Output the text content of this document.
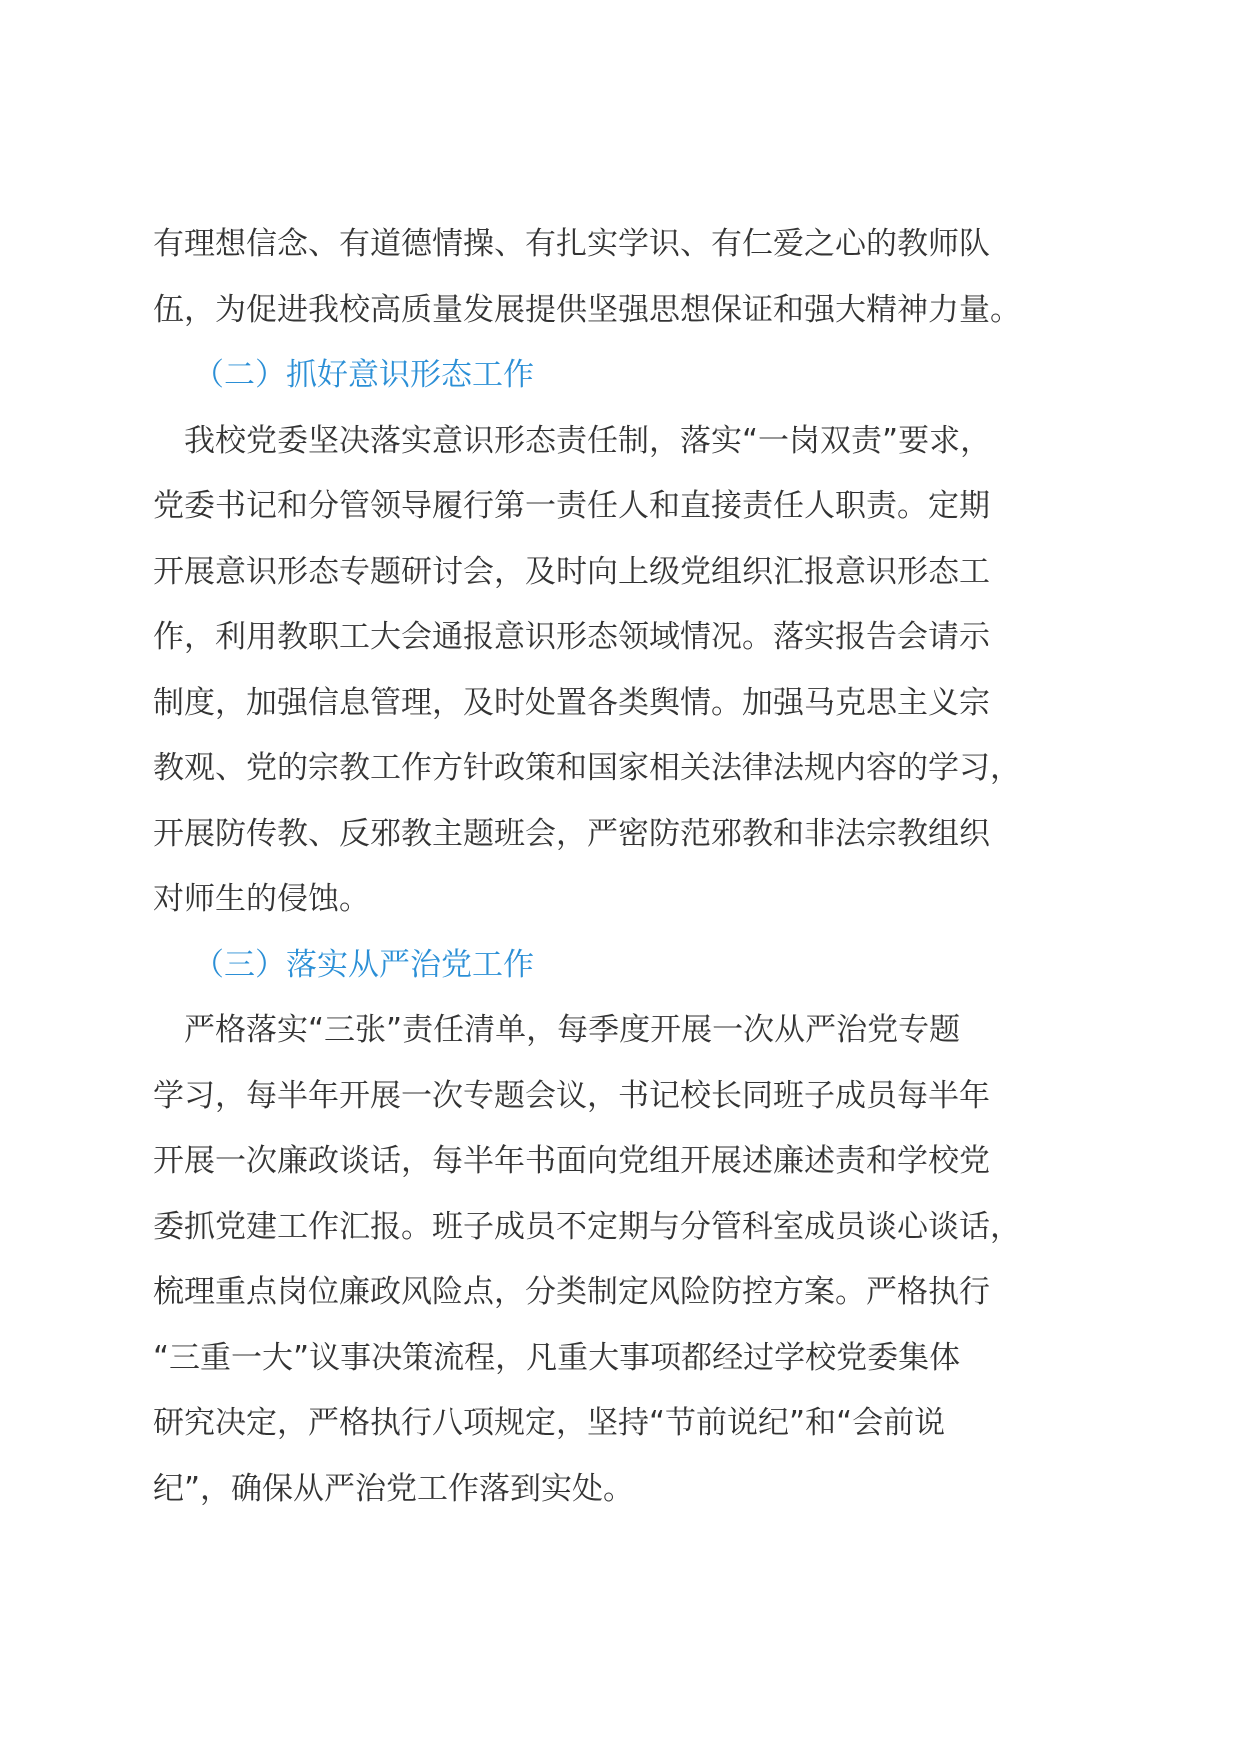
有理想信念、有道德情操、有扎实学识、有仁爱之心的教师队
伍，为促进我校高质量发展提供坚强思想保证和强大精神力量。
（二）抓好意识形态工作
我校党委坚决落实意识形态责任制，落实“一岗双责”要求，
党委书记和分管领导履行第一责任人和直接责任人职责。定期
开展意识形态专题研讨会，及时向上级党组织汇报意识形态工
作，利用教职工大会通报意识形态领域情况。落实报告会请示
制度，加强信息管理，及时处置各类舆情。加强马克思主义宗
教观、党的宗教工作方针政策和国家相关法律法规内容的学习，
开展防传教、反邪教主题班会，严密防范邪教和非法宗教组织
对师生的侵蚀。
（三）落实从严治党工作
严格落实“三张”责任清单，每季度开展一次从严治党专题
学习，每半年开展一次专题会议，书记校长同班子成员每半年
开展一次廉政谈话，每半年书面向党组开展述廉述责和学校党
委抓党建工作汇报。班子成员不定期与分管科室成员谈心谈话，
梳理重点岗位廉政风险点，分类制定风险防控方案。严格执行
“三重一大”议事决策流程，凡重大事项都经过学校党委集体
研究决定，严格执行八项规定，坚持“节前说纪”和“会前说
纪”，确保从严治党工作落到实处。
